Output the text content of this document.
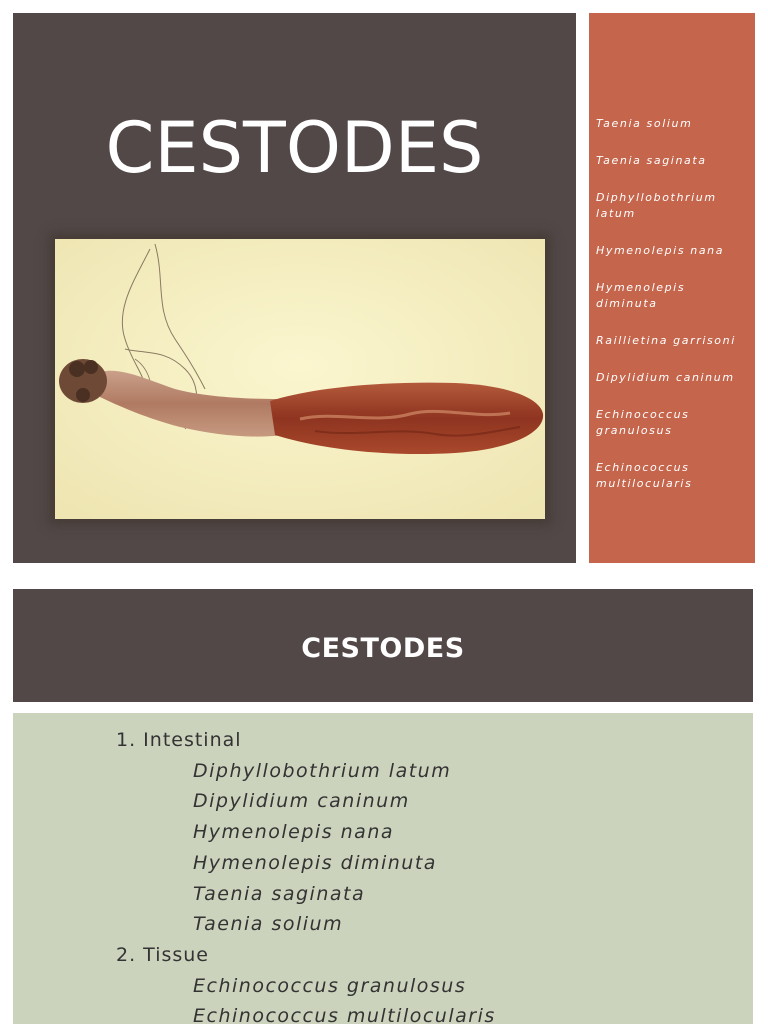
CESTODES	Taenia solium
Taenia saginata
Diphyllobothrium latum
Hymenolepis nana
Hymenolepis diminuta
Raillietina garrisoni
Dipylidium caninum
Echinococcus granulosus
Echinococcus multilocularis
CESTODES
1. Intestinal
Diphyllobothrium latum
Dipylidium caninum
Hymenolepis nana
Hymenolepis diminuta
Taenia saginata
Taenia solium
2. Tissue
Echinococcus granulosus
Echinococcus multilocularis
